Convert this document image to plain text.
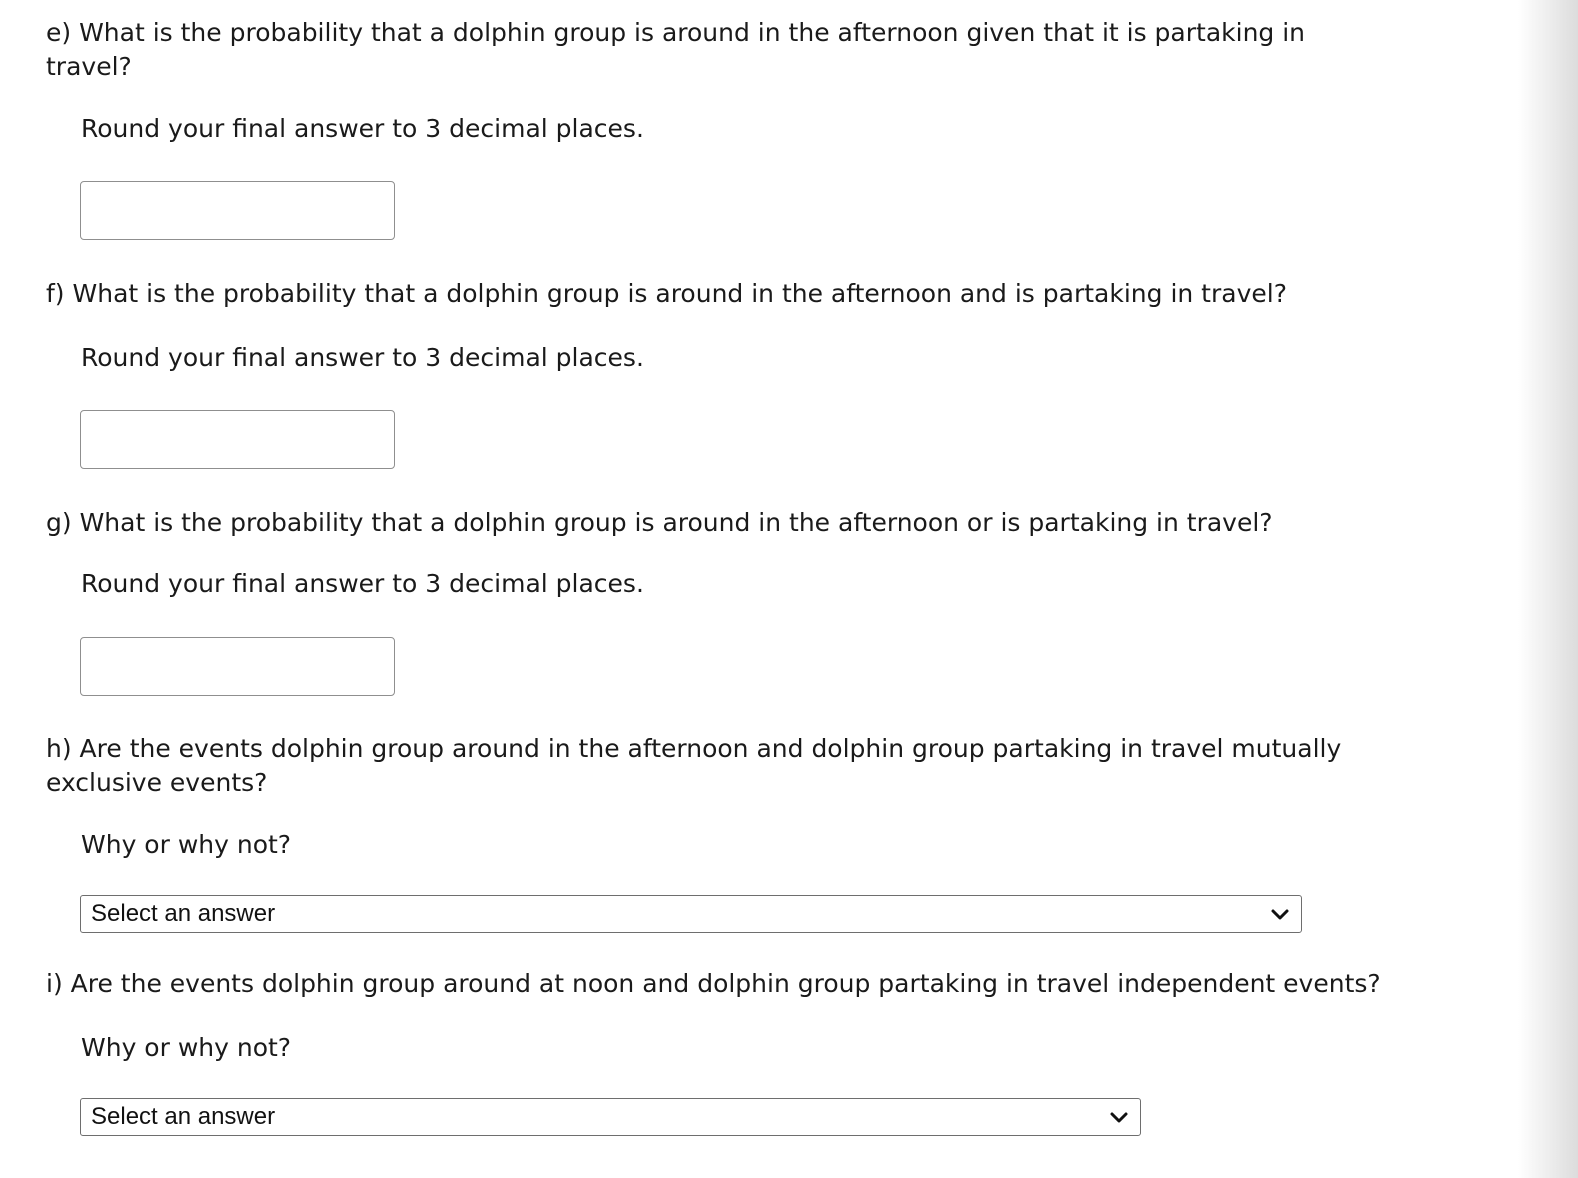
e) What is the probability that a dolphin group is around in the afternoon given that it is partaking in travel?

Round your final answer to 3 decimal places.

f) What is the probability that a dolphin group is around in the afternoon and is partaking in travel?

Round your final answer to 3 decimal places.

g) What is the probability that a dolphin group is around in the afternoon or is partaking in travel?

Round your final answer to 3 decimal places.

h) Are the events dolphin group around in the afternoon and dolphin group partaking in travel mutually exclusive events?

Why or why not?

Select an answer

i) Are the events dolphin group around at noon and dolphin group partaking in travel independent events?

Why or why not?

Select an answer
